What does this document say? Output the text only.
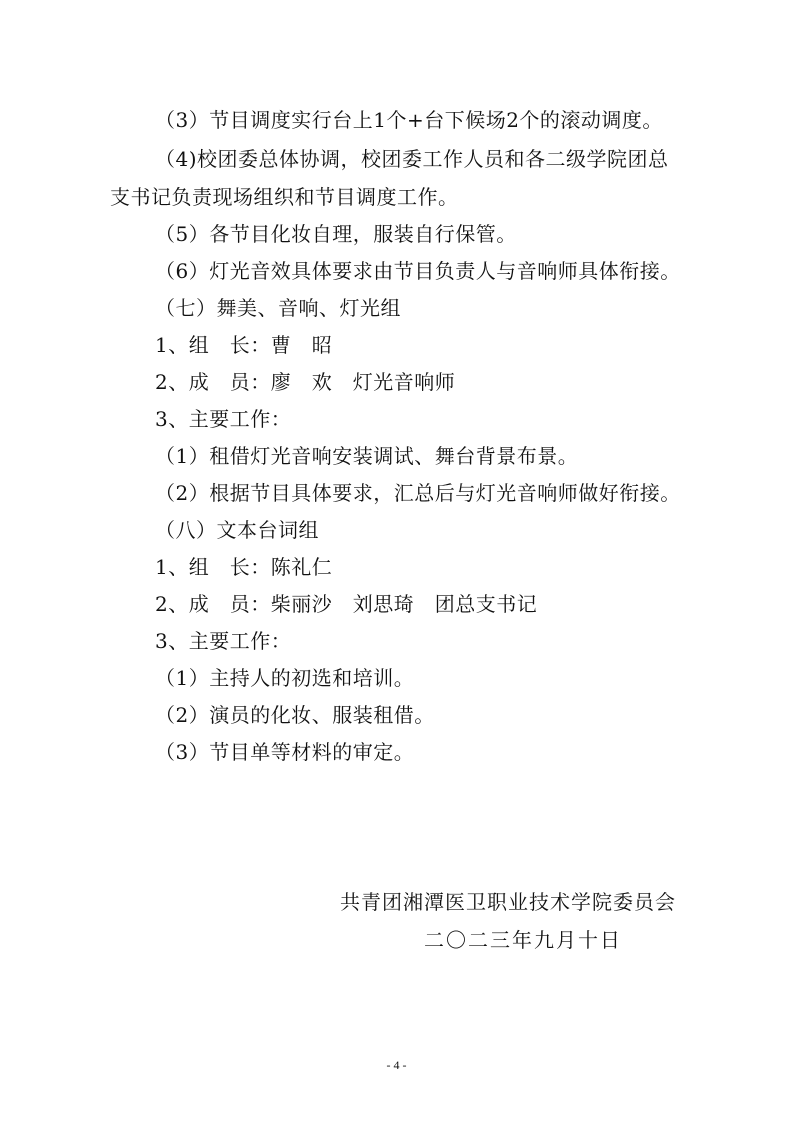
（3）节目调度实行台上1个+台下候场2个的滚动调度。
（4)校团委总体协调，校团委工作人员和各二级学院团总
支书记负责现场组织和节目调度工作。
（5）各节目化妆自理，服装自行保管。
（6）灯光音效具体要求由节目负责人与音响师具体衔接。
（七）舞美、音响、灯光组
1、组　长：曹　昭
2、成　员：廖　欢　灯光音响师
3、主要工作：
（1）租借灯光音响安装调试、舞台背景布景。
（2）根据节目具体要求，汇总后与灯光音响师做好衔接。
（八）文本台词组
1、组　长：陈礼仁
2、成　员：柴丽沙　刘思琦　团总支书记
3、主要工作：
（1）主持人的初选和培训。
（2）演员的化妆、服装租借。
（3）节目单等材料的审定。
共青团湘潭医卫职业技术学院委员会
二〇二三年九月十日
- 4 -
